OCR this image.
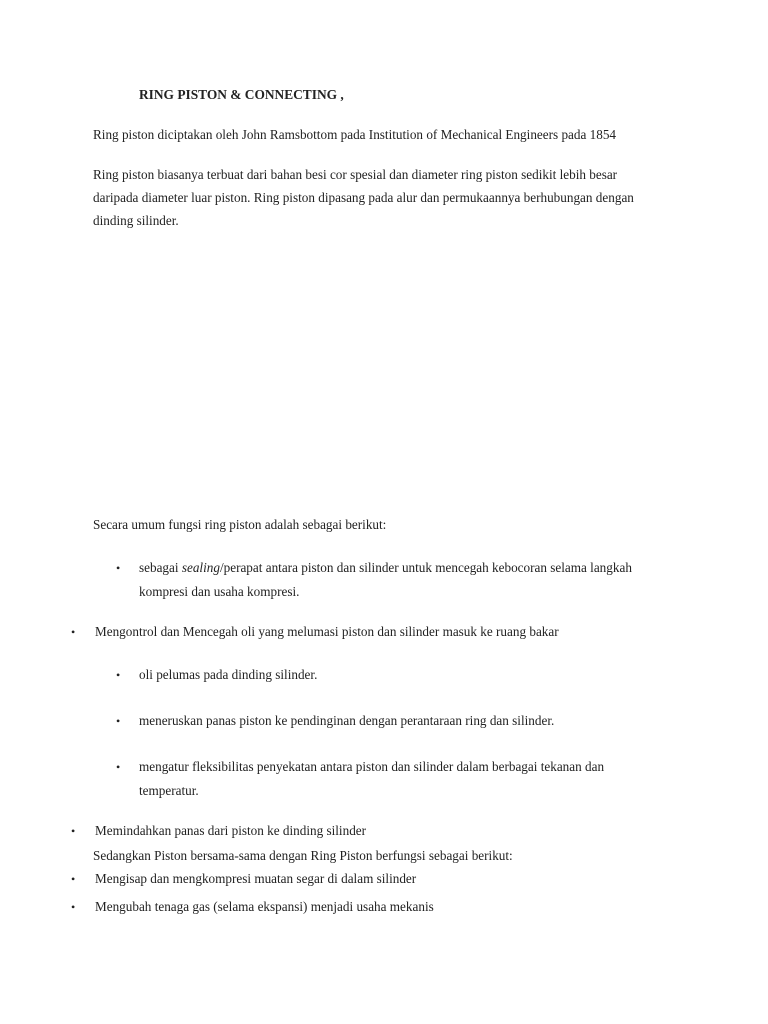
RING PISTON & CONNECTING ,
Ring piston diciptakan oleh John Ramsbottom pada Institution of Mechanical Engineers pada 1854
Ring piston biasanya terbuat dari bahan besi cor spesial dan diameter ring piston sedikit lebih besar
daripada diameter luar piston. Ring piston dipasang pada alur dan permukaannya berhubungan dengan
dinding silinder.
Secara umum fungsi ring piston adalah sebagai berikut:
• sebagai sealing/perapat antara piston dan silinder untuk mencegah kebocoran selama langkah
kompresi dan usaha kompresi.
• Mengontrol dan Mencegah oli yang melumasi piston dan silinder masuk ke ruang bakar
• oli pelumas pada dinding silinder.
• meneruskan panas piston ke pendinginan dengan perantaraan ring dan silinder.
• mengatur fleksibilitas penyekatan antara piston dan silinder dalam berbagai tekanan dan
temperatur.
• Memindahkan panas dari piston ke dinding silinder
Sedangkan Piston bersama-sama dengan Ring Piston berfungsi sebagai berikut:
• Mengisap dan mengkompresi muatan segar di dalam silinder
• Mengubah tenaga gas (selama ekspansi) menjadi usaha mekanis
